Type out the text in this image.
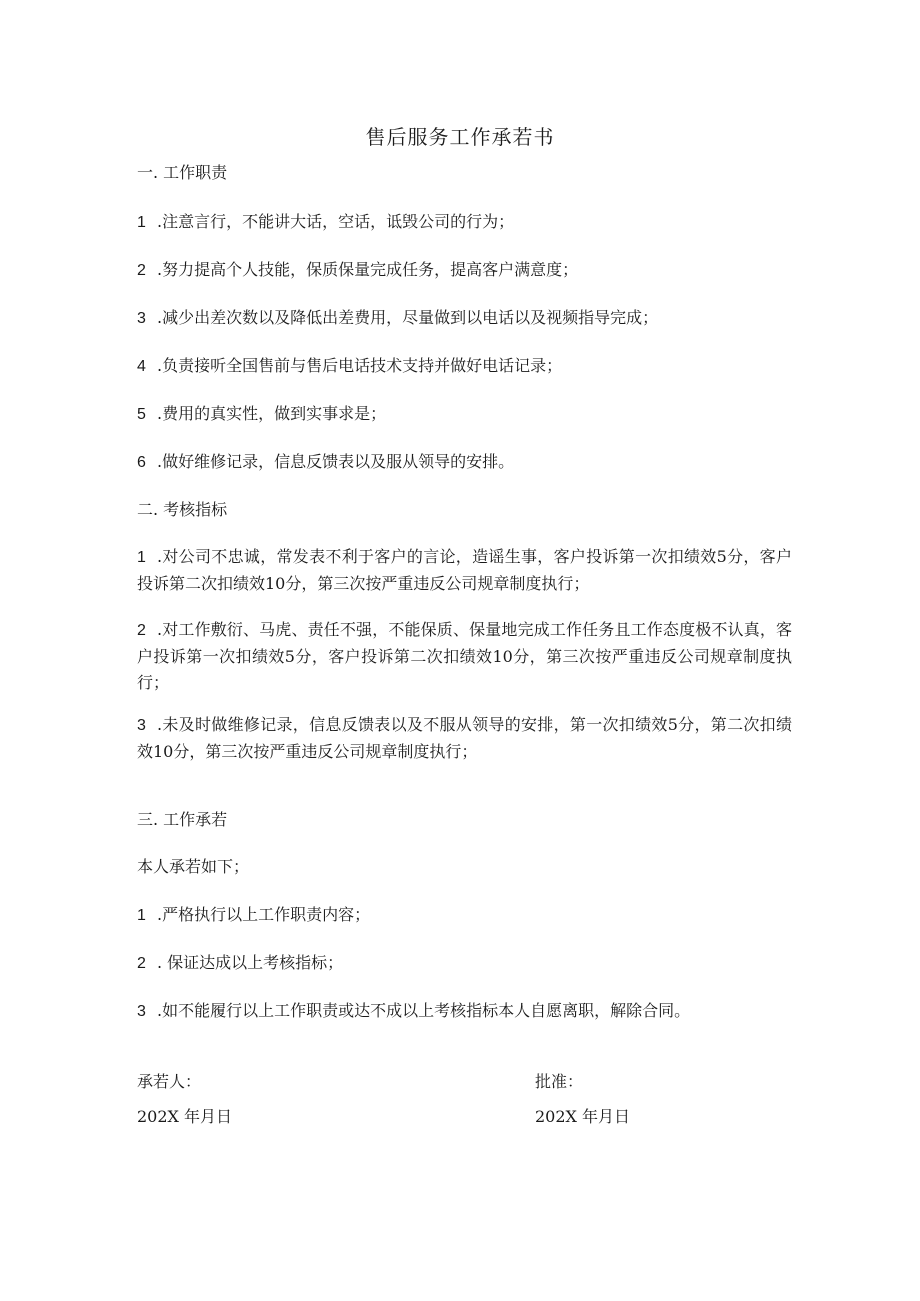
售后服务工作承若书
一. 工作职责
1 .注意言行，不能讲大话，空话，诋毁公司的行为；
2 .努力提高个人技能，保质保量完成任务，提高客户满意度；
3 .减少出差次数以及降低出差费用，尽量做到以电话以及视频指导完成；
4 .负责接听全国售前与售后电话技术支持并做好电话记录；
5 .费用的真实性，做到实事求是；
6 .做好维修记录，信息反馈表以及服从领导的安排。
二. 考核指标
1 .对公司不忠诚，常发表不利于客户的言论，造谣生事，客户投诉第一次扣绩效5分，客户投诉第二次扣绩效10分，第三次按严重违反公司规章制度执行；
2 .对工作敷衍、马虎、责任不强，不能保质、保量地完成工作任务且工作态度极不认真，客户投诉第一次扣绩效5分，客户投诉第二次扣绩效10分，第三次按严重违反公司规章制度执行；
3 .未及时做维修记录，信息反馈表以及不服从领导的安排，第一次扣绩效5分，第二次扣绩效10分，第三次按严重违反公司规章制度执行；
三. 工作承若
本人承若如下；
1 .严格执行以上工作职责内容；
2 . 保证达成以上考核指标；
3 .如不能履行以上工作职责或达不成以上考核指标本人自愿离职，解除合同。
承若人：	批准：
202X 年月日	202X 年月日
